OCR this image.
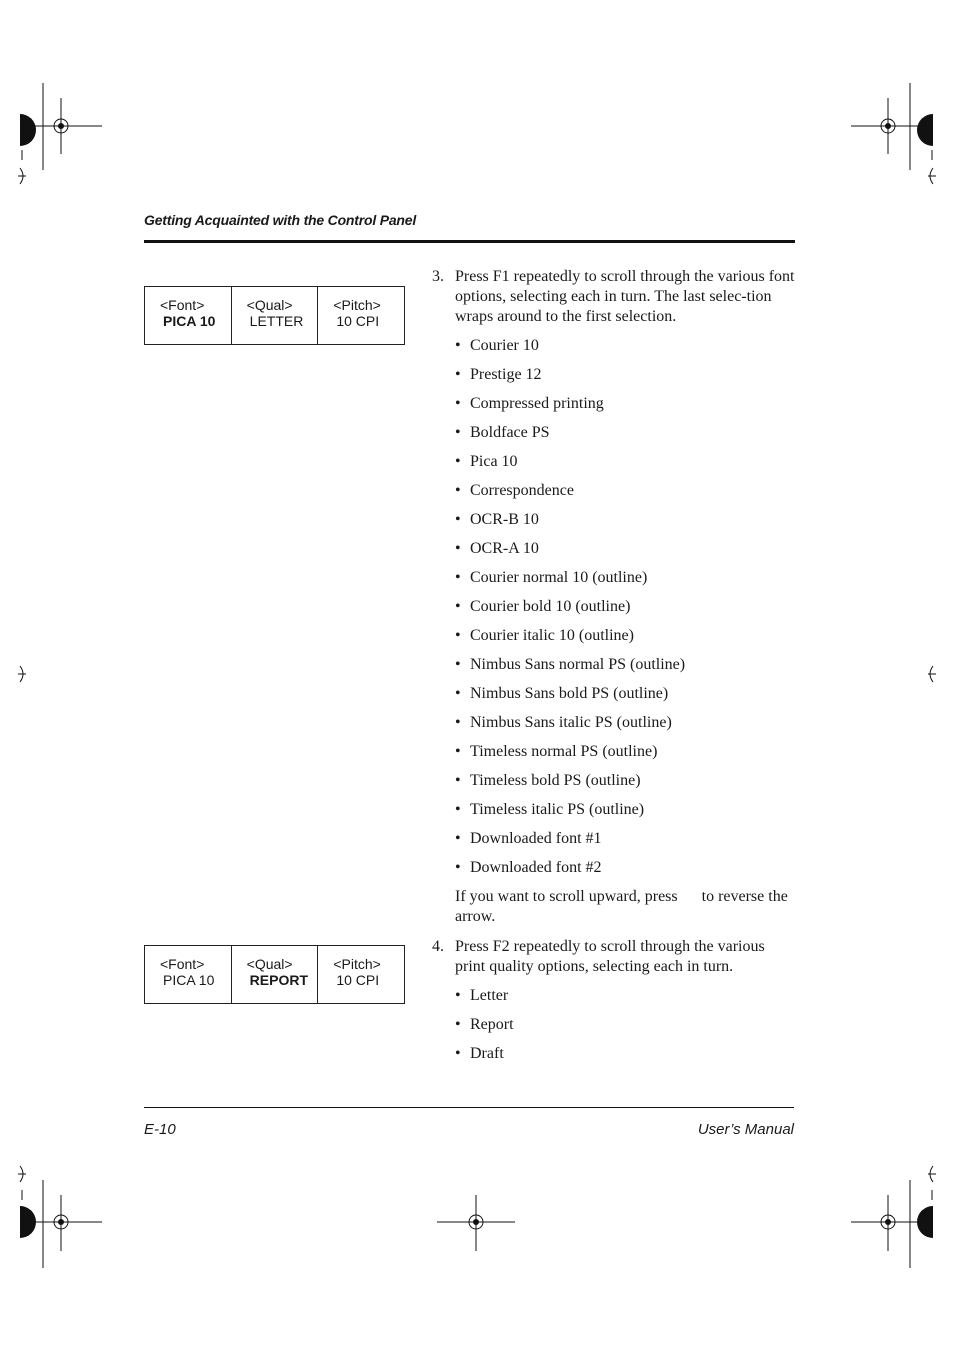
Getting Acquainted with the Control Panel
<Font>
PICA 10
<Qual>
LETTER
<Pitch>
10 CPI
<Font>
PICA 10
<Qual>
REPORT
<Pitch>
10 CPI
3. Press F1 repeatedly to scroll through the various font options, selecting each in turn. The last selec-tion wraps around to the first selection.
• Courier 10
• Prestige 12
• Compressed printing
• Boldface PS
• Pica 10
• Correspondence
• OCR-B 10
• OCR-A 10
• Courier normal 10 (outline)
• Courier bold 10 (outline)
• Courier italic 10 (outline)
• Nimbus Sans normal PS (outline)
• Nimbus Sans bold PS (outline)
• Nimbus Sans italic PS (outline)
• Timeless normal PS (outline)
• Timeless bold PS (outline)
• Timeless italic PS (outline)
• Downloaded font #1
• Downloaded font #2
If you want to scroll upward, press      to reverse the arrow.
4. Press F2 repeatedly to scroll through the various print quality options, selecting each in turn.
• Letter
• Report
• Draft
E-10	User’s Manual
